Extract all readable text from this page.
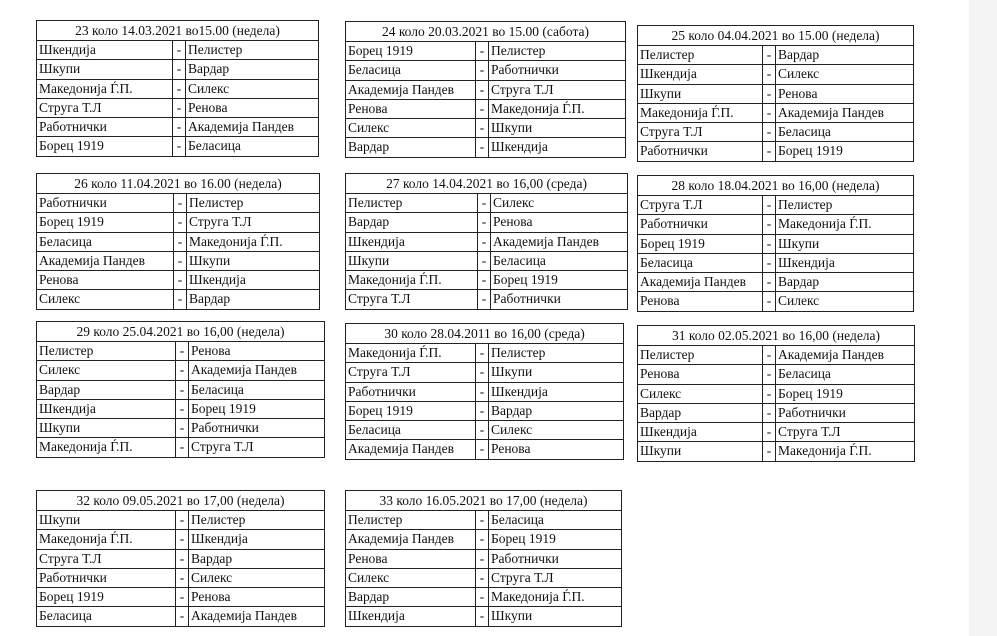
23 коло 14.03.2021 во15.00 (недела)
Шкендија	- Пелистер
Шкупи	- Вардар
Македонија Ѓ.П.	- Силекс
Струга Т.Л	- Ренова
Работнички	- Академија Пандев
Борец 1919	- Беласица
24 коло 20.03.2021 во 15.00 (сабота)
Борец 1919	- Пелистер
Беласица	- Работнички
Академија Пандев	- Струга Т.Л
Ренова	- Македонија Ѓ.П.
Силекс	- Шкупи
Вардар	- Шкендија
25 коло 04.04.2021 во 15.00 (недела)
Пелистер	- Вардар
Шкендија	- Силекс
Шкупи	- Ренова
Македонија Ѓ.П.	- Академија Пандев
Струга Т.Л	- Беласица
Работнички	- Борец 1919
26 коло 11.04.2021 во 16.00 (недела)
Работнички	- Пелистер
Борец 1919	- Струга Т.Л
Беласица	- Македонија Ѓ.П.
Академија Пандев	- Шкупи
Ренова	- Шкендија
Силекс	- Вардар
27 коло 14.04.2021 во 16,00 (среда)
Пелистер	- Силекс
Вардар	- Ренова
Шкендија	- Академија Пандев
Шкупи	- Беласица
Македонија Ѓ.П.	- Борец 1919
Струга Т.Л	- Работнички
28 коло 18.04.2021 во 16,00 (недела)
Струга Т.Л	- Пелистер
Работнички	- Македонија Ѓ.П.
Борец 1919	- Шкупи
Беласица	- Шкендија
Академија Пандев	- Вардар
Ренова	- Силекс
29 коло 25.04.2021 во 16,00 (недела)
Пелистер	- Ренова
Силекс	- Академија Пандев
Вардар	- Беласица
Шкендија	- Борец 1919
Шкупи	- Работнички
Македонија Ѓ.П.	- Струга Т.Л
30 коло 28.04.2011 во 16,00 (среда)
Македонија Ѓ.П.	- Пелистер
Струга Т.Л	- Шкупи
Работнички	- Шкендија
Борец 1919	- Вардар
Беласица	- Силекс
Академија Пандев	- Ренова
31 коло 02.05.2021 во 16,00 (недела)
Пелистер	- Академија Пандев
Ренова	- Беласица
Силекс	- Борец 1919
Вардар	- Работнички
Шкендија	- Струга Т.Л
Шкупи	- Македонија Ѓ.П.
32 коло 09.05.2021 во 17,00 (недела)
Шкупи	- Пелистер
Македонија Ѓ.П.	- Шкендија
Струга Т.Л	- Вардар
Работнички	- Силекс
Борец 1919	- Ренова
Беласица	- Академија Пандев
33 коло 16.05.2021 во 17,00 (недела)
Пелистер	- Беласица
Академија Пандев	- Борец 1919
Ренова	- Работнички
Силекс	- Струга Т.Л
Вардар	- Македонија Ѓ.П.
Шкендија	- Шкупи
